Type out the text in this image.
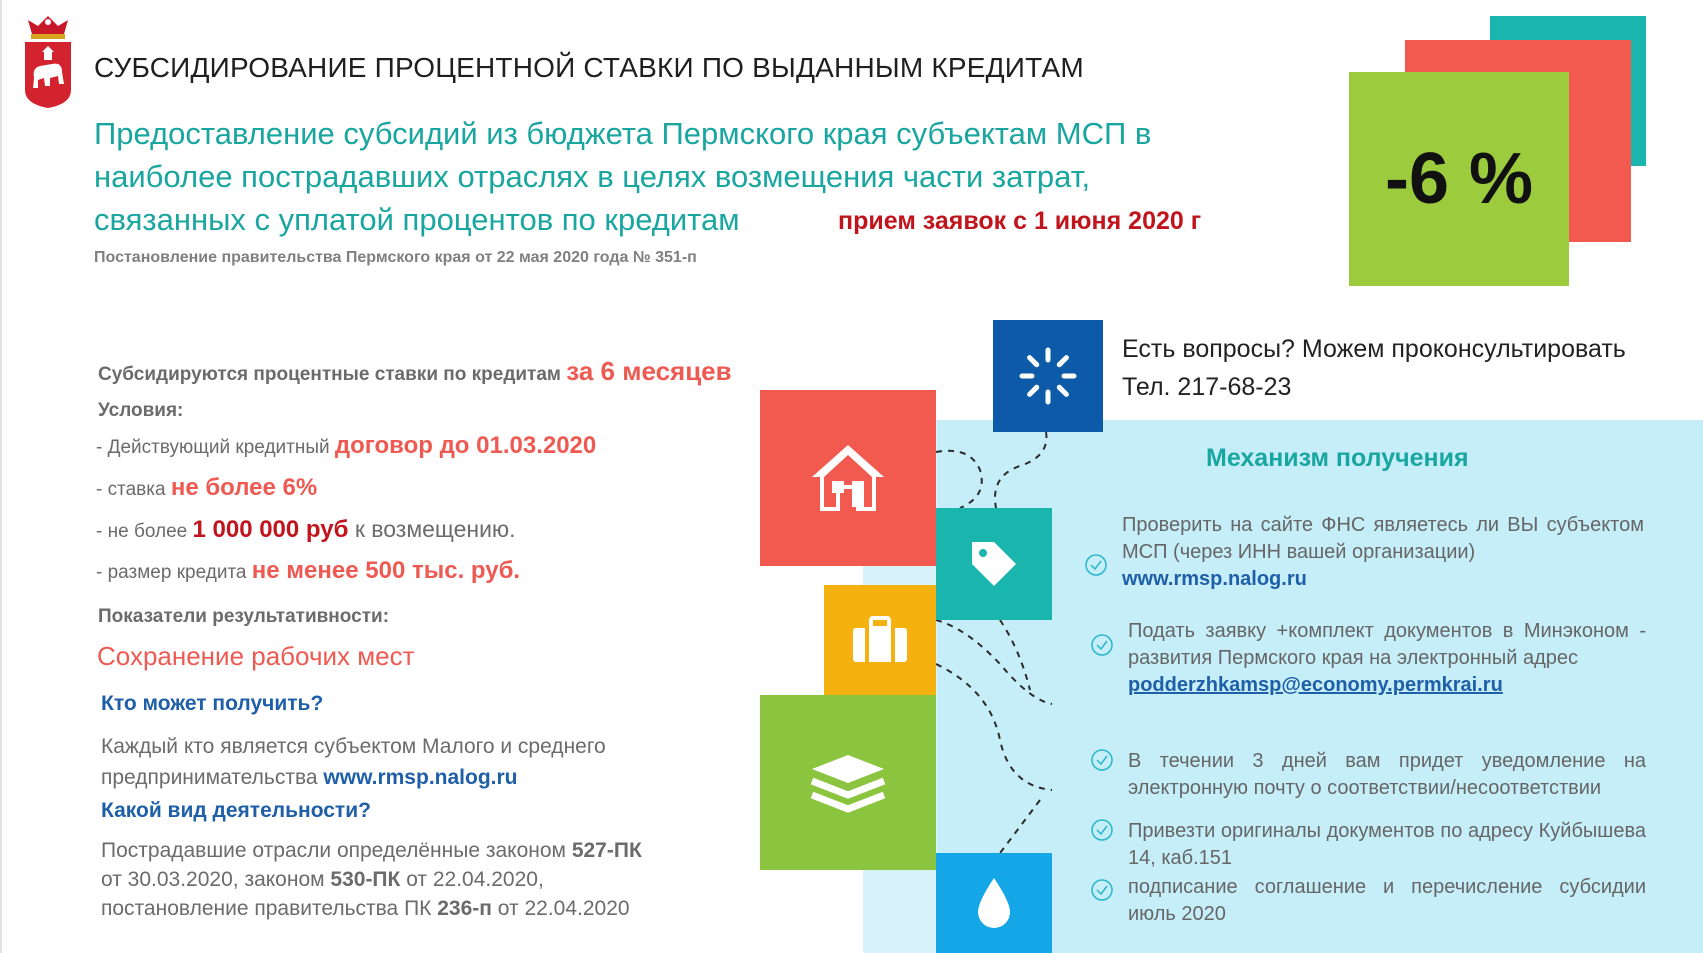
СУБСИДИРОВАНИЕ ПРОЦЕНТНОЙ СТАВКИ ПО ВЫДАННЫМ КРЕДИТАМ
Предоставление субсидий из бюджета Пермского края субъектам МСП в
наиболее пострадавших отраслях в целях возмещения части затрат,
связанных с уплатой процентов по кредитам	прием заявок с 1 июня 2020 г
Постановление правительства Пермского края от 22 мая 2020 года № 351-п
-6 %
Субсидируются процентные ставки по кредитам за 6 месяцев
Условия:
- Действующий кредитный договор до 01.03.2020
- ставка не более 6%
- не более 1 000 000 руб к возмещению.
- размер кредита не менее 500 тыс. руб.
Показатели результативности:
Сохранение рабочих мест
Кто может получить?
Каждый кто является субъектом Малого и среднего
предпринимательства www.rmsp.nalog.ru
Какой вид деятельности?
Пострадавшие отрасли определённые законом 527-ПК
от 30.03.2020, законом 530-ПК от 22.04.2020,
постановление правительства ПК 236-п от 22.04.2020
Есть вопросы? Можем проконсультировать
Тел. 217-68-23
Механизм получения
Проверить на сайте ФНС являетесь ли ВЫ субъектом МСП (через ИНН вашей организации)
www.rmsp.nalog.ru
Подать заявку +комплект документов в Минэконом - развития Пермского края на электронный адрес
podderzhkamsp@economy.permkrai.ru
В течении 3 дней вам придет уведомление на электронную почту о соответствии/несоответствии
Привезти оригиналы документов по адресу Куйбышева 14, каб.151
подписание соглашение и перечисление субсидии июль 2020
